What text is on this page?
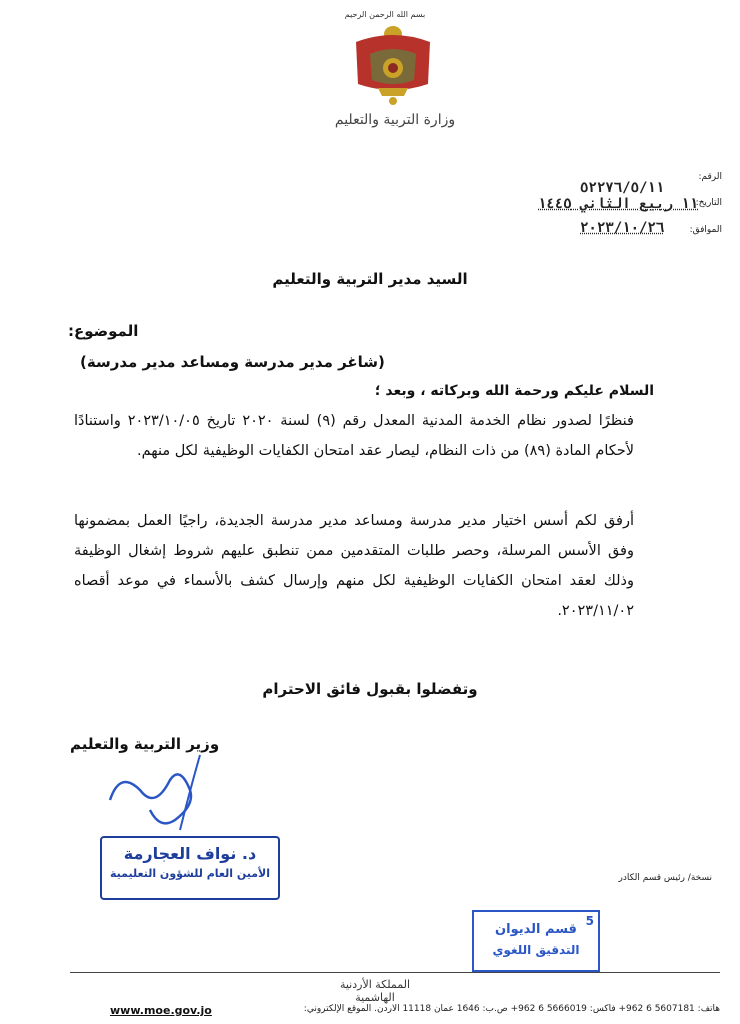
بسم الله الرحمن الرحيم
وزارة التربية والتعليم
الرقم:
٥٢٢٧٦/٥/١١
التاريخ:
١١ ربيع الثاني ١٤٤٥
الموافق:
٢٠٢٣/١٠/٢٦
السيد مدير التربية والتعليم
الموضوع:
(شاغر مدير مدرسة ومساعد مدير مدرسة)
السلام عليكم ورحمة الله وبركاته ، وبعد ؛
فنظرًا لصدور نظام الخدمة المدنية المعدل رقم (٩) لسنة ٢٠٢٠ تاريخ ٢٠٢٣/١٠/٠٥ واستنادًا لأحكام المادة (٨٩) من ذات النظام، ليصار عقد امتحان الكفايات الوظيفية لكل منهم.
أرفق لكم أسس اختيار مدير مدرسة ومساعد مدير مدرسة الجديدة، راجيًا العمل بمضمونها وفق الأسس المرسلة، وحصر طلبات المتقدمين ممن تنطبق عليهم شروط إشغال الوظيفة وذلك لعقد امتحان الكفايات الوظيفية لكل منهم وإرسال كشف بالأسماء في موعد أقصاه ٢٠٢٣/١١/٠٢.
وتفضلوا بقبول فائق الاحترام
وزير التربية والتعليم
د. نواف العجارمة
الأمين العام للشؤون التعليمية	نسخة/ رئيس قسم الكادر
5
قسم الديوان
التدقيق اللغوي
المملكة الأردنية الهاشمية
هاتف: 5607181 6 962+ فاكس: 5666019 6 962+ ص.ب: 1646 عمان 11118 الأردن. الموقع الإلكتروني:
www.moe.gov.jo
